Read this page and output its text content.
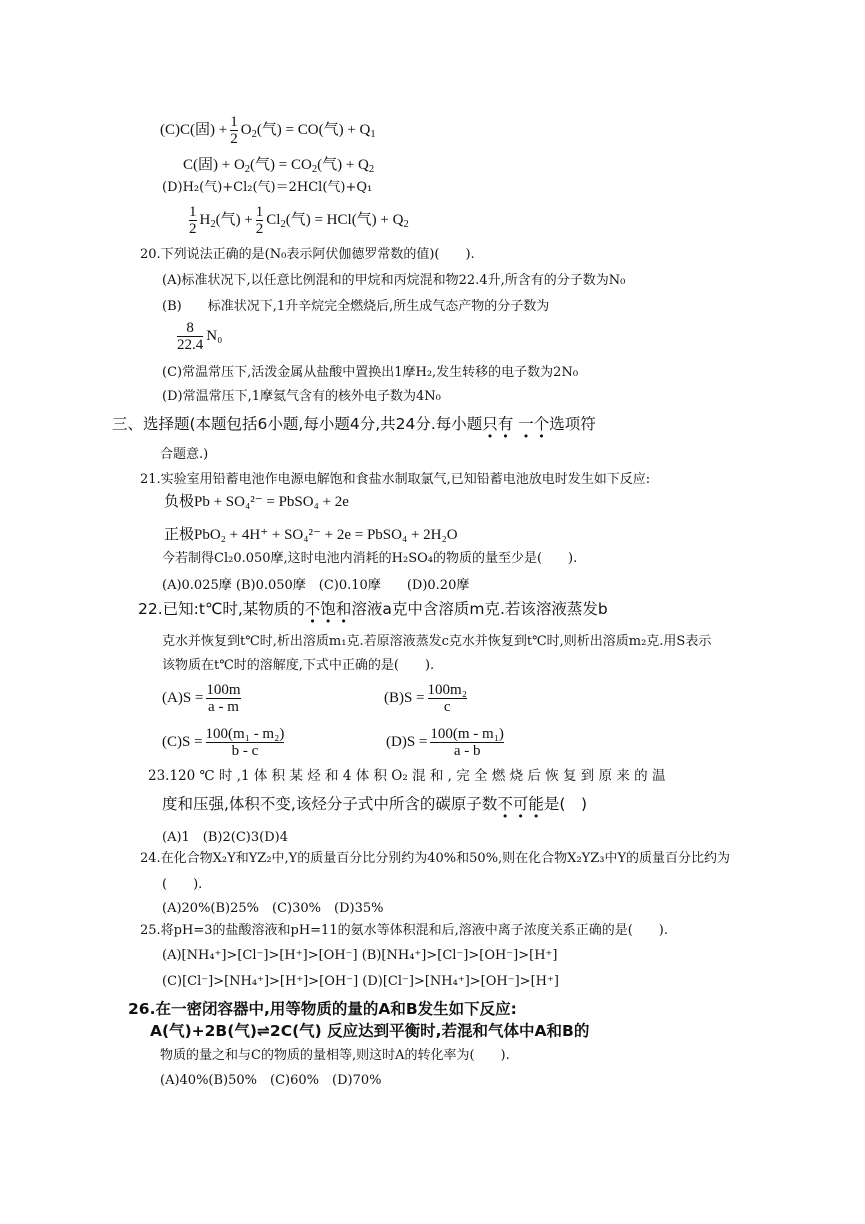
(C)C(固) + $\frac{1}{2} O_2$(气) = CO(气) + $Q_1$
C(固) + $O_2$(气) = $CO_2$(气) + $Q_2$
(D)H₂(气)+Cl₂(气)＝2HCl(气)+Q₁
$\frac{1}{2} H_2$(气) + $\frac{1}{2} Cl_2$(气) = HCl(气) + $Q_2$
20.下列说法正确的是(N₀表示阿伏伽德罗常数的值)(　　).
(A)标准状况下,以任意比例混和的甲烷和丙烷混和物22.4升,所含有的分子数为N₀
(B) 标准状况下,1升辛烷完全燃烧后,所生成气态产物的分子数为
$\frac{8}{22.4} N_0$
(C)常温常压下,活泼金属从盐酸中置换出1摩H₂,发生转移的电子数为2N₀
(D)常温常压下,1摩氦气含有的核外电子数为4N₀
三、选择题(本题包括6小题,每小题4分,共24分.每小题只有 一个选项符
合题意.)
21.实验室用铅蓄电池作电源电解饱和食盐水制取氯气,已知铅蓄电池放电时发生如下反应:
负极Pb + SO₄²⁻ = PbSO₄ + 2e
正极PbO₂ + 4H⁺ + SO₄²⁻ + 2e = PbSO₄ + 2H₂O
今若制得Cl₂0.050摩,这时电池内消耗的H₂SO₄的物质的量至少是(　　).
(A)0.025摩 (B)0.050摩　(C)0.10摩　　(D)0.20摩
22.已知:t℃时,某物质的不饱和溶液a克中含溶质m克.若该溶液蒸发b
克水并恢复到t℃时,析出溶质m₁克.若原溶液蒸发c克水并恢复到t℃时,则析出溶质m₂克.用S表示
该物质在t℃时的溶解度,下式中正确的是(　　).
$(A)S = \frac{100m}{a - m}$	$(B)S = \frac{\text{100m₂}}{c}$
$(C)S = \frac{\text{100(m₁ - m₂)}}{b - c}$	$(D)S = \frac{\text{100(m - m₁)}}{a - b}$
23.120 ℃ 时 ,1 体 积 某 烃 和 4 体 积 O₂ 混 和 , 完 全 燃 烧 后 恢 复 到 原 来 的 温
度和压强,体积不变,该烃分子式中所含的碳原子数不可能是(　)
(A)1　(B)2(C)3(D)4
24.在化合物X₂Y和YZ₂中,Y的质量百分比分别约为40%和50%,则在化合物X₂YZ₃中Y的质量百分比约为
(　　).
(A)20%(B)25%　(C)30%　(D)35%
25.将pH=3的盐酸溶液和pH=11的氨水等体积混和后,溶液中离子浓度关系正确的是(　　).
(A)[NH₄⁺]>[Cl⁻]>[H⁺]>[OH⁻] (B)[NH₄⁺]>[Cl⁻]>[OH⁻]>[H⁺]
(C)[Cl⁻]>[NH₄⁺]>[H⁺]>[OH⁻] (D)[Cl⁻]>[NH₄⁺]>[OH⁻]>[H⁺]
26.在一密闭容器中,用等物质的量的A和B发生如下反应:
A(气)+2B(气)⇌2C(气) 反应达到平衡时,若混和气体中A和B的
物质的量之和与C的物质的量相等,则这时A的转化率为(　　).
(A)40%(B)50%　(C)60%　(D)70%
